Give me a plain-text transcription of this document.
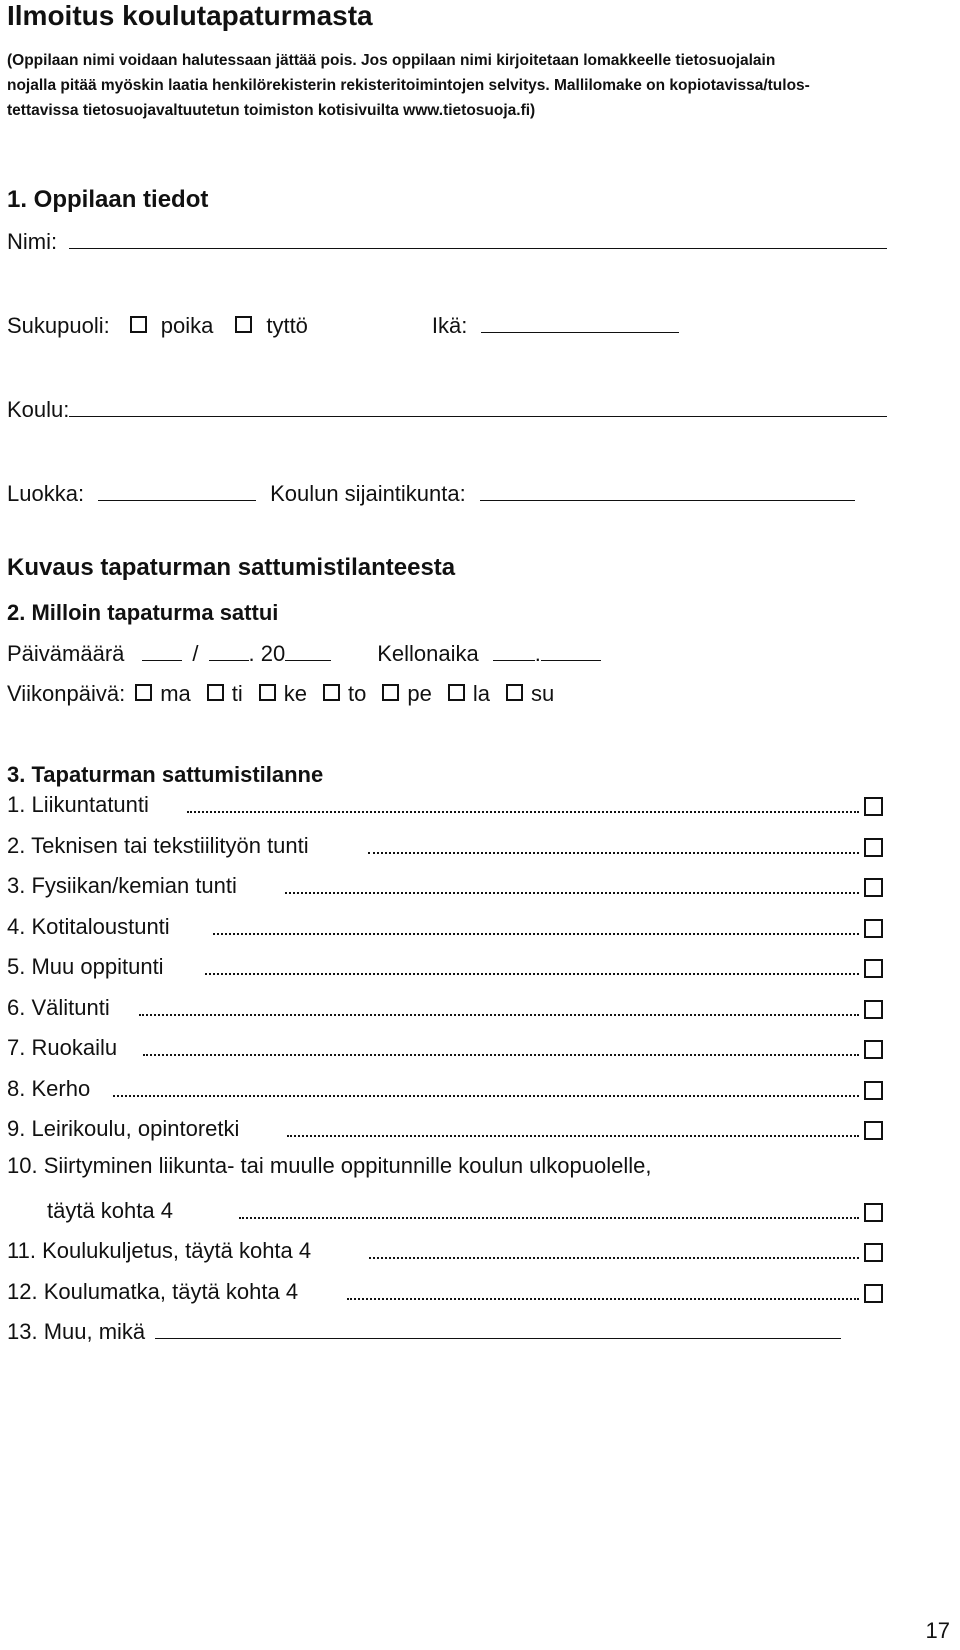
Ilmoitus koulutapaturmasta
(Oppilaan nimi voidaan halutessaan jättää pois. Jos oppilaan nimi kirjoitetaan lomakkeelle tietosuojalain
nojalla pitää myöskin laatia henkilörekisterin rekisteritoimintojen selvitys. Mallilomake on kopiotavissa/tulos-
tettavissa tietosuojavaltuutetun toimiston kotisivuilta www.tietosuoja.fi)
1. Oppilaan tiedot
Nimi:
Sukupuoli: poika tyttö	Ikä:
Koulu:
Luokka:	Koulun sijaintikunta:
Kuvaus tapaturman sattumistilanteesta
2. Milloin tapaturma sattui
Päivämäärä	/ . 20	Kellonaika	.
Viikonpäivä: ma ti ke to pe la su
3. Tapaturman sattumistilanne
1. Liikuntatunti
2. Teknisen tai tekstiilityön tunti
3. Fysiikan/kemian tunti
4. Kotitaloustunti
5. Muu oppitunti
6. Välitunti
7. Ruokailu
8. Kerho
9. Leirikoulu, opintoretki
10. Siirtyminen liikunta- tai muulle oppitunnille koulun ulkopuolelle,
täytä kohta 4
11. Koulukuljetus, täytä kohta 4
12. Koulumatka, täytä kohta 4
13. Muu, mikä
17
